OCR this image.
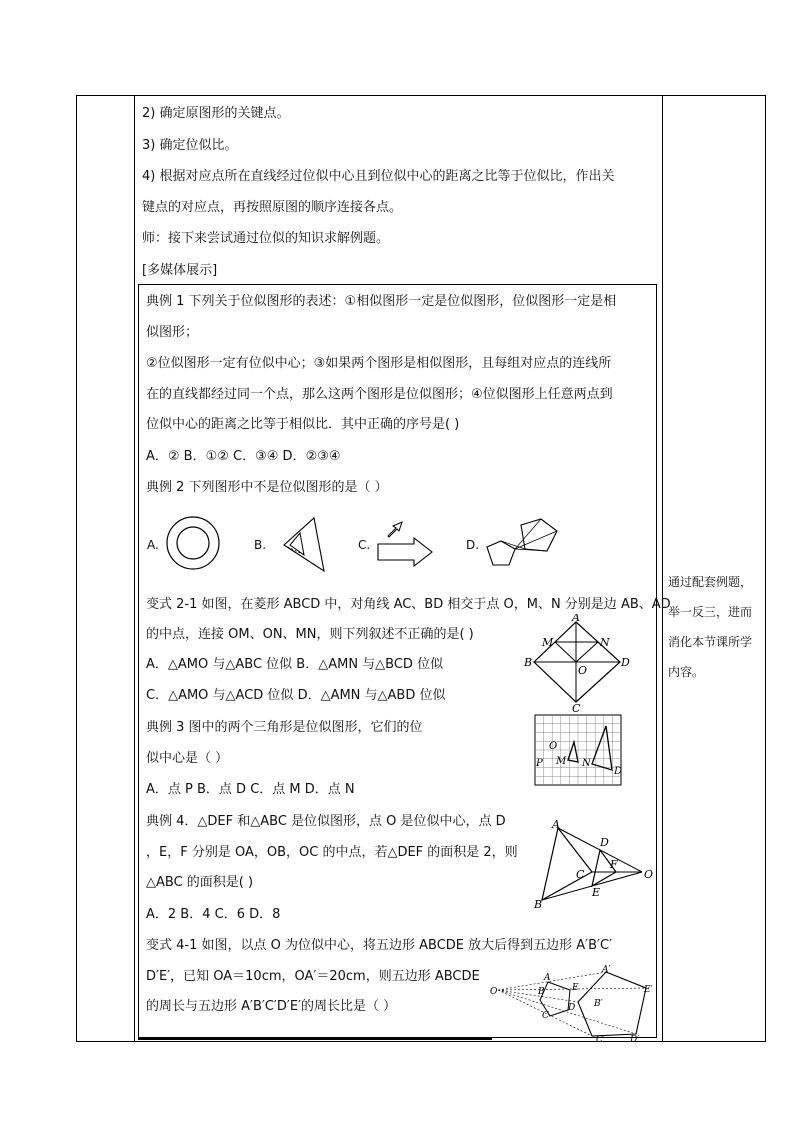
2) 确定原图形的关键点。
3) 确定位似比。
4) 根据对应点所在直线经过位似中心且到位似中心的距离之比等于位似比，作出关
键点的对应点，再按照原图的顺序连接各点。
师：接下来尝试通过位似的知识求解例题。
[多媒体展示]
典例 1 下列关于位似图形的表述：①相似图形一定是位似图形，位似图形一定是相
似图形；
②位似图形一定有位似中心；③如果两个图形是相似图形，且每组对应点的连线所
在的直线都经过同一个点，那么这两个图形是位似图形；④位似图形上任意两点到
位似中心的距离之比等于相似比．其中正确的序号是( )
A．② B．①② C．③④ D．②③④
典例 2 下列图形中不是位似图形的是（ ）
A.	B.	C.	D.
变式 2-1 如图，在菱形 ABCD 中，对角线 AC、BD 相交于点 O，M、N 分别是边 AB、AD
的中点，连接 OM、ON、MN，则下列叙述不正确的是( )
A．△AMO 与△ABC 位似 B．△AMN 与△BCD 位似
C．△AMO 与△ACD 位似 D．△AMN 与△ABD 位似
A
B
C
D
M	N
O
典例 3 图中的两个三角形是位似图形，它们的位
似中心是（ ）
A．点 P B．点 D C．点 M D．点 N
O
P M N
D
典例 4．△DEF 和△ABC 是位似图形，点 O 是位似中心，点 D
，E，F 分别是 OA，OB，OC 的中点，若△DEF 的面积是 2，则
△ABC 的面积是( )
A．2 B．4 C．6 D．8
A
B
C
D
E
F
O
变式 4-1 如图，以点 O 为位似中心，将五边形 ABCDE 放大后得到五边形 A′B′C′
D′E′，已知 OA＝10cm，OA′＝20cm，则五边形 ABCDE
的周长与五边形 A′B′C′D′E′的周长比是（ ）
O
A
B
C
D
E
A′
B′
C′	D′
E′
通过配套例题，
举一反三，进而
消化本节课所学
内容。
